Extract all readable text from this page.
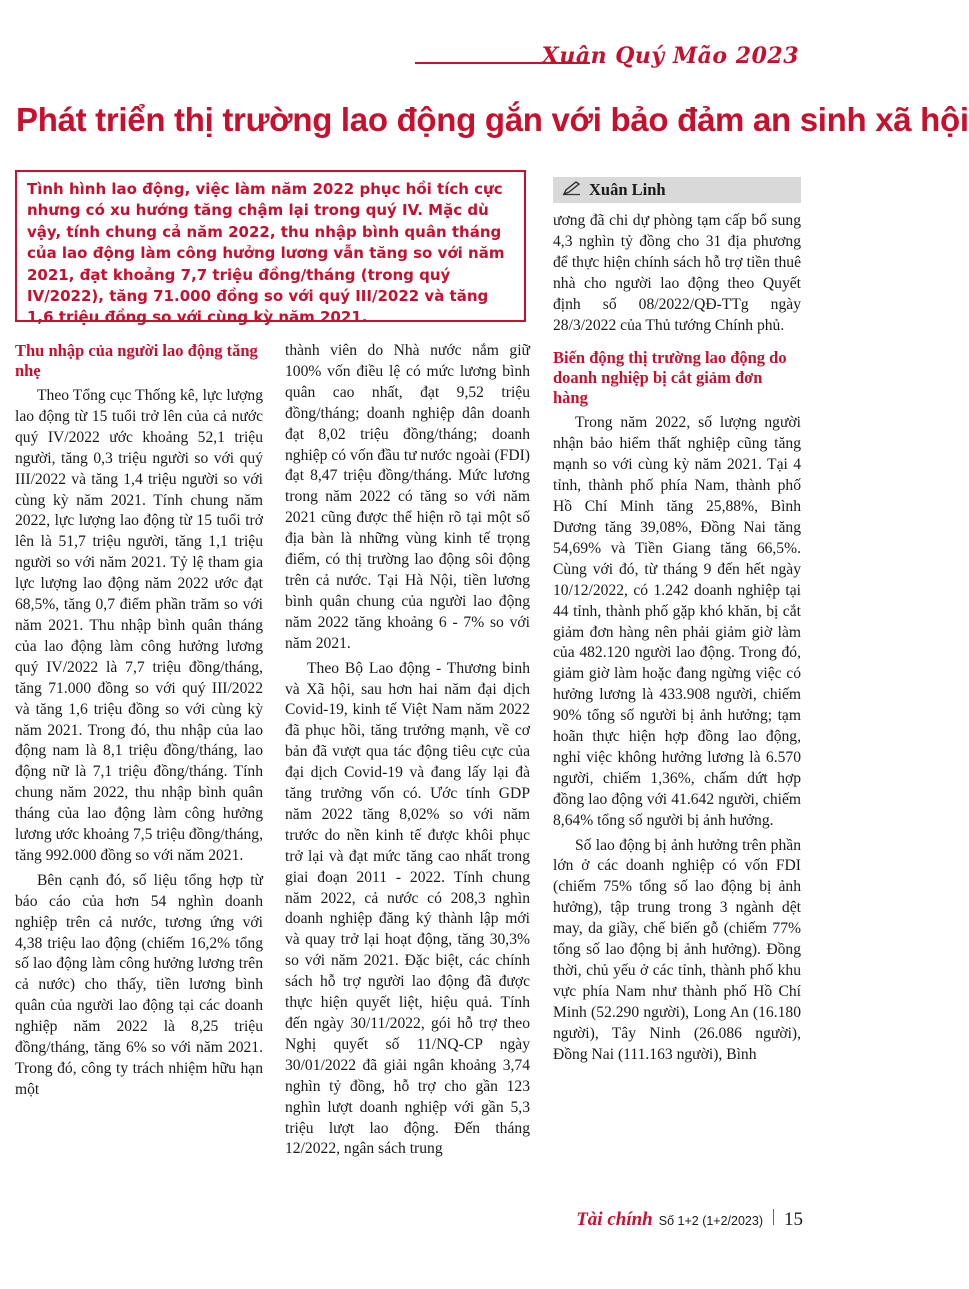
Xuân Quý Mão 2023
Phát triển thị trường lao động gắn với bảo đảm an sinh xã hội
Tình hình lao động, việc làm năm 2022 phục hồi tích cực nhưng có xu hướng tăng chậm lại trong quý IV. Mặc dù vậy, tính chung cả năm 2022, thu nhập bình quân tháng của lao động làm công hưởng lương vẫn tăng so với năm 2021, đạt khoảng 7,7 triệu đồng/tháng (trong quý IV/2022), tăng 71.000 đồng so với quý III/2022 và tăng 1,6 triệu đồng so với cùng kỳ năm 2021.
Xuân Linh
Thu nhập của người lao động tăng nhẹ

Theo Tổng cục Thống kê, lực lượng lao động từ 15 tuổi trở lên của cả nước quý IV/2022 ước khoảng 52,1 triệu người, tăng 0,3 triệu người so với quý III/2022 và tăng 1,4 triệu người so với cùng kỳ năm 2021. Tính chung năm 2022, lực lượng lao động từ 15 tuổi trở lên là 51,7 triệu người, tăng 1,1 triệu người so với năm 2021. Tỷ lệ tham gia lực lượng lao động năm 2022 ước đạt 68,5%, tăng 0,7 điểm phần trăm so với năm 2021. Thu nhập bình quân tháng của lao động làm công hưởng lương quý IV/2022 là 7,7 triệu đồng/tháng, tăng 71.000 đồng so với quý III/2022 và tăng 1,6 triệu đồng so với cùng kỳ năm 2021. Trong đó, thu nhập của lao động nam là 8,1 triệu đồng/tháng, lao động nữ là 7,1 triệu đồng/tháng. Tính chung năm 2022, thu nhập bình quân tháng của lao động làm công hưởng lương ước khoảng 7,5 triệu đồng/tháng, tăng 992.000 đồng so với năm 2021.

Bên cạnh đó, số liệu tổng hợp từ báo cáo của hơn 54 nghìn doanh nghiệp trên cả nước, tương ứng với 4,38 triệu lao động (chiếm 16,2% tổng số lao động làm công hưởng lương trên cả nước) cho thấy, tiền lương bình quân của người lao động tại các doanh nghiệp năm 2022 là 8,25 triệu đồng/tháng, tăng 6% so với năm 2021. Trong đó, công ty trách nhiệm hữu hạn một

thành viên do Nhà nước nắm giữ 100% vốn điều lệ có mức lương bình quân cao nhất, đạt 9,52 triệu đồng/tháng; doanh nghiệp dân doanh đạt 8,02 triệu đồng/tháng; doanh nghiệp có vốn đầu tư nước ngoài (FDI) đạt 8,47 triệu đồng/tháng. Mức lương trong năm 2022 có tăng so với năm 2021 cũng được thể hiện rõ tại một số địa bàn là những vùng kinh tế trọng điểm, có thị trường lao động sôi động trên cả nước. Tại Hà Nội, tiền lương bình quân chung của người lao động năm 2022 tăng khoảng 6 - 7% so với năm 2021.

Theo Bộ Lao động - Thương binh và Xã hội, sau hơn hai năm đại dịch Covid-19, kinh tế Việt Nam năm 2022 đã phục hồi, tăng trưởng mạnh, về cơ bản đã vượt qua tác động tiêu cực của đại dịch Covid-19 và đang lấy lại đà tăng trưởng vốn có. Ước tính GDP năm 2022 tăng 8,02% so với năm trước do nền kinh tế được khôi phục trở lại và đạt mức tăng cao nhất trong giai đoạn 2011 - 2022. Tính chung năm 2022, cả nước có 208,3 nghìn doanh nghiệp đăng ký thành lập mới và quay trở lại hoạt động, tăng 30,3% so với năm 2021. Đặc biệt, các chính sách hỗ trợ người lao động đã được thực hiện quyết liệt, hiệu quả. Tính đến ngày 30/11/2022, gói hỗ trợ theo Nghị quyết số 11/NQ-CP ngày 30/01/2022 đã giải ngân khoảng 3,74 nghìn tỷ đồng, hỗ trợ cho gần 123 nghìn lượt doanh nghiệp với gần 5,3 triệu lượt lao động. Đến tháng 12/2022, ngân sách trung

ương đã chi dự phòng tạm cấp bổ sung 4,3 nghìn tỷ đồng cho 31 địa phương để thực hiện chính sách hỗ trợ tiền thuê nhà cho người lao động theo Quyết định số 08/2022/QĐ-TTg ngày 28/3/2022 của Thủ tướng Chính phủ.

Biến động thị trường lao động do doanh nghiệp bị cắt giảm đơn hàng

Trong năm 2022, số lượng người nhận bảo hiểm thất nghiệp cũng tăng mạnh so với cùng kỳ năm 2021. Tại 4 tỉnh, thành phố phía Nam, thành phố Hồ Chí Minh tăng 25,88%, Bình Dương tăng 39,08%, Đồng Nai tăng 54,69% và Tiền Giang tăng 66,5%. Cùng với đó, từ tháng 9 đến hết ngày 10/12/2022, có 1.242 doanh nghiệp tại 44 tỉnh, thành phố gặp khó khăn, bị cắt giảm đơn hàng nên phải giảm giờ làm của 482.120 người lao động. Trong đó, giảm giờ làm hoặc đang ngừng việc có hưởng lương là 433.908 người, chiếm 90% tổng số người bị ảnh hưởng; tạm hoãn thực hiện hợp đồng lao động, nghỉ việc không hưởng lương là 6.570 người, chiếm 1,36%, chấm dứt hợp đồng lao động với 41.642 người, chiếm 8,64% tổng số người bị ảnh hưởng.

Số lao động bị ảnh hưởng trên phần lớn ở các doanh nghiệp có vốn FDI (chiếm 75% tổng số lao động bị ảnh hưởng), tập trung trong 3 ngành dệt may, da giầy, chế biến gỗ (chiếm 77% tổng số lao động bị ảnh hưởng). Đồng thời, chủ yếu ở các tỉnh, thành phố khu vực phía Nam như thành phố Hồ Chí Minh (52.290 người), Long An (16.180 người), Tây Ninh (26.086 người), Đồng Nai (111.163 người), Bình

Tài chính Số 1+2 (1+2/2023) 15
